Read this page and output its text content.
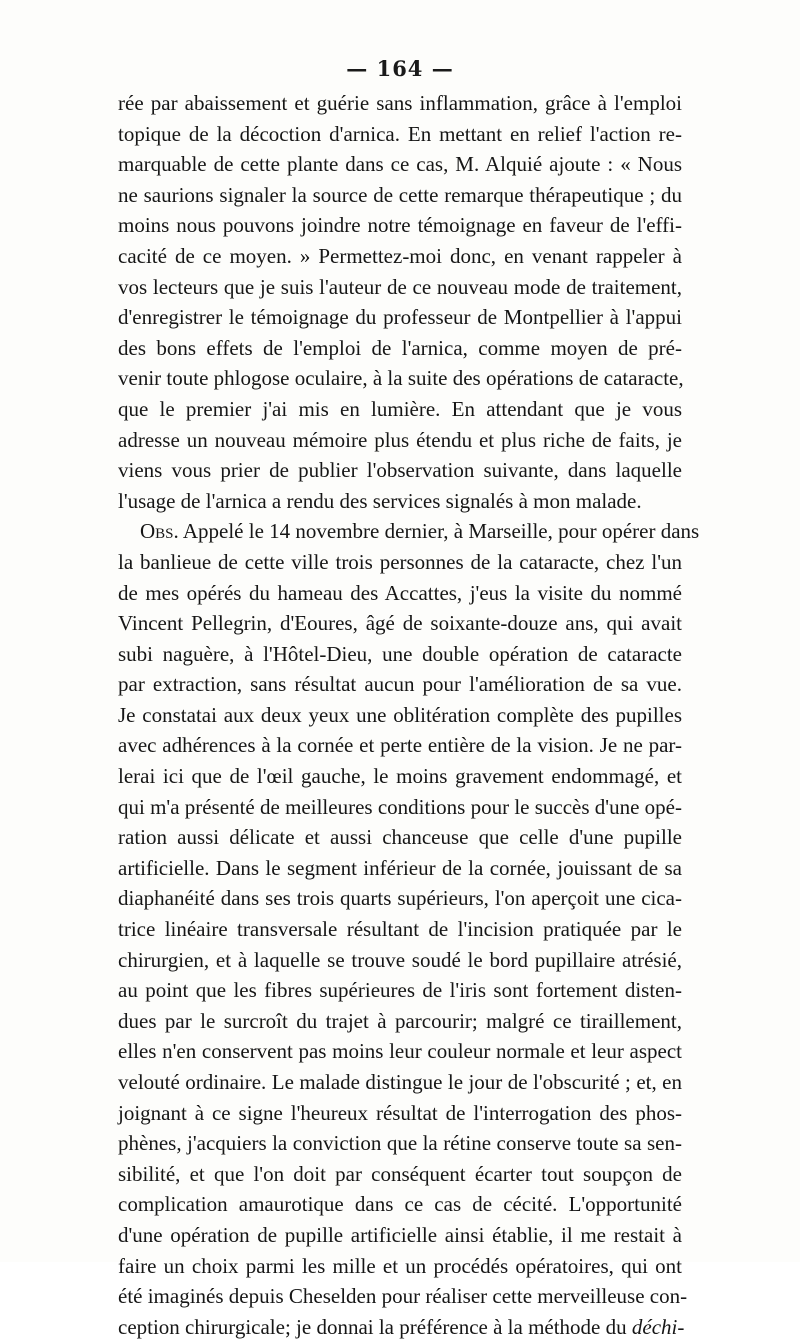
— 164 —
rée par abaissement et guérie sans inflammation, grâce à l'emploi
topique de la décoction d'arnica. En mettant en relief l'action re-
marquable de cette plante dans ce cas, M. Alquié ajoute : « Nous
ne saurions signaler la source de cette remarque thérapeutique ; du
moins nous pouvons joindre notre témoignage en faveur de l'effi-
cacité de ce moyen. » Permettez-moi donc, en venant rappeler à
vos lecteurs que je suis l'auteur de ce nouveau mode de traitement,
d'enregistrer le témoignage du professeur de Montpellier à l'appui
des bons effets de l'emploi de l'arnica, comme moyen de pré-
venir toute phlogose oculaire, à la suite des opérations de cataracte,
que le premier j'ai mis en lumière. En attendant que je vous
adresse un nouveau mémoire plus étendu et plus riche de faits, je
viens vous prier de publier l'observation suivante, dans laquelle
l'usage de l'arnica a rendu des services signalés à mon malade.
Obs. Appelé le 14 novembre dernier, à Marseille, pour opérer dans
la banlieue de cette ville trois personnes de la cataracte, chez l'un
de mes opérés du hameau des Accattes, j'eus la visite du nommé
Vincent Pellegrin, d'Eoures, âgé de soixante-douze ans, qui avait
subi naguère, à l'Hôtel-Dieu, une double opération de cataracte
par extraction, sans résultat aucun pour l'amélioration de sa vue.
Je constatai aux deux yeux une oblitération complète des pupilles
avec adhérences à la cornée et perte entière de la vision. Je ne par-
lerai ici que de l'œil gauche, le moins gravement endommagé, et
qui m'a présenté de meilleures conditions pour le succès d'une opé-
ration aussi délicate et aussi chanceuse que celle d'une pupille
artificielle. Dans le segment inférieur de la cornée, jouissant de sa
diaphanéité dans ses trois quarts supérieurs, l'on aperçoit une cica-
trice linéaire transversale résultant de l'incision pratiquée par le
chirurgien, et à laquelle se trouve soudé le bord pupillaire atrésié,
au point que les fibres supérieures de l'iris sont fortement disten-
dues par le surcroît du trajet à parcourir; malgré ce tiraillement,
elles n'en conservent pas moins leur couleur normale et leur aspect
velouté ordinaire. Le malade distingue le jour de l'obscurité ; et, en
joignant à ce signe l'heureux résultat de l'interrogation des phos-
phènes, j'acquiers la conviction que la rétine conserve toute sa sen-
sibilité, et que l'on doit par conséquent écarter tout soupçon de
complication amaurotique dans ce cas de cécité. L'opportunité
d'une opération de pupille artificielle ainsi établie, il me restait à
faire un choix parmi les mille et un procédés opératoires, qui ont
été imaginés depuis Cheselden pour réaliser cette merveilleuse con-
ception chirurgicale; je donnai la préférence à la méthode du déchi-
